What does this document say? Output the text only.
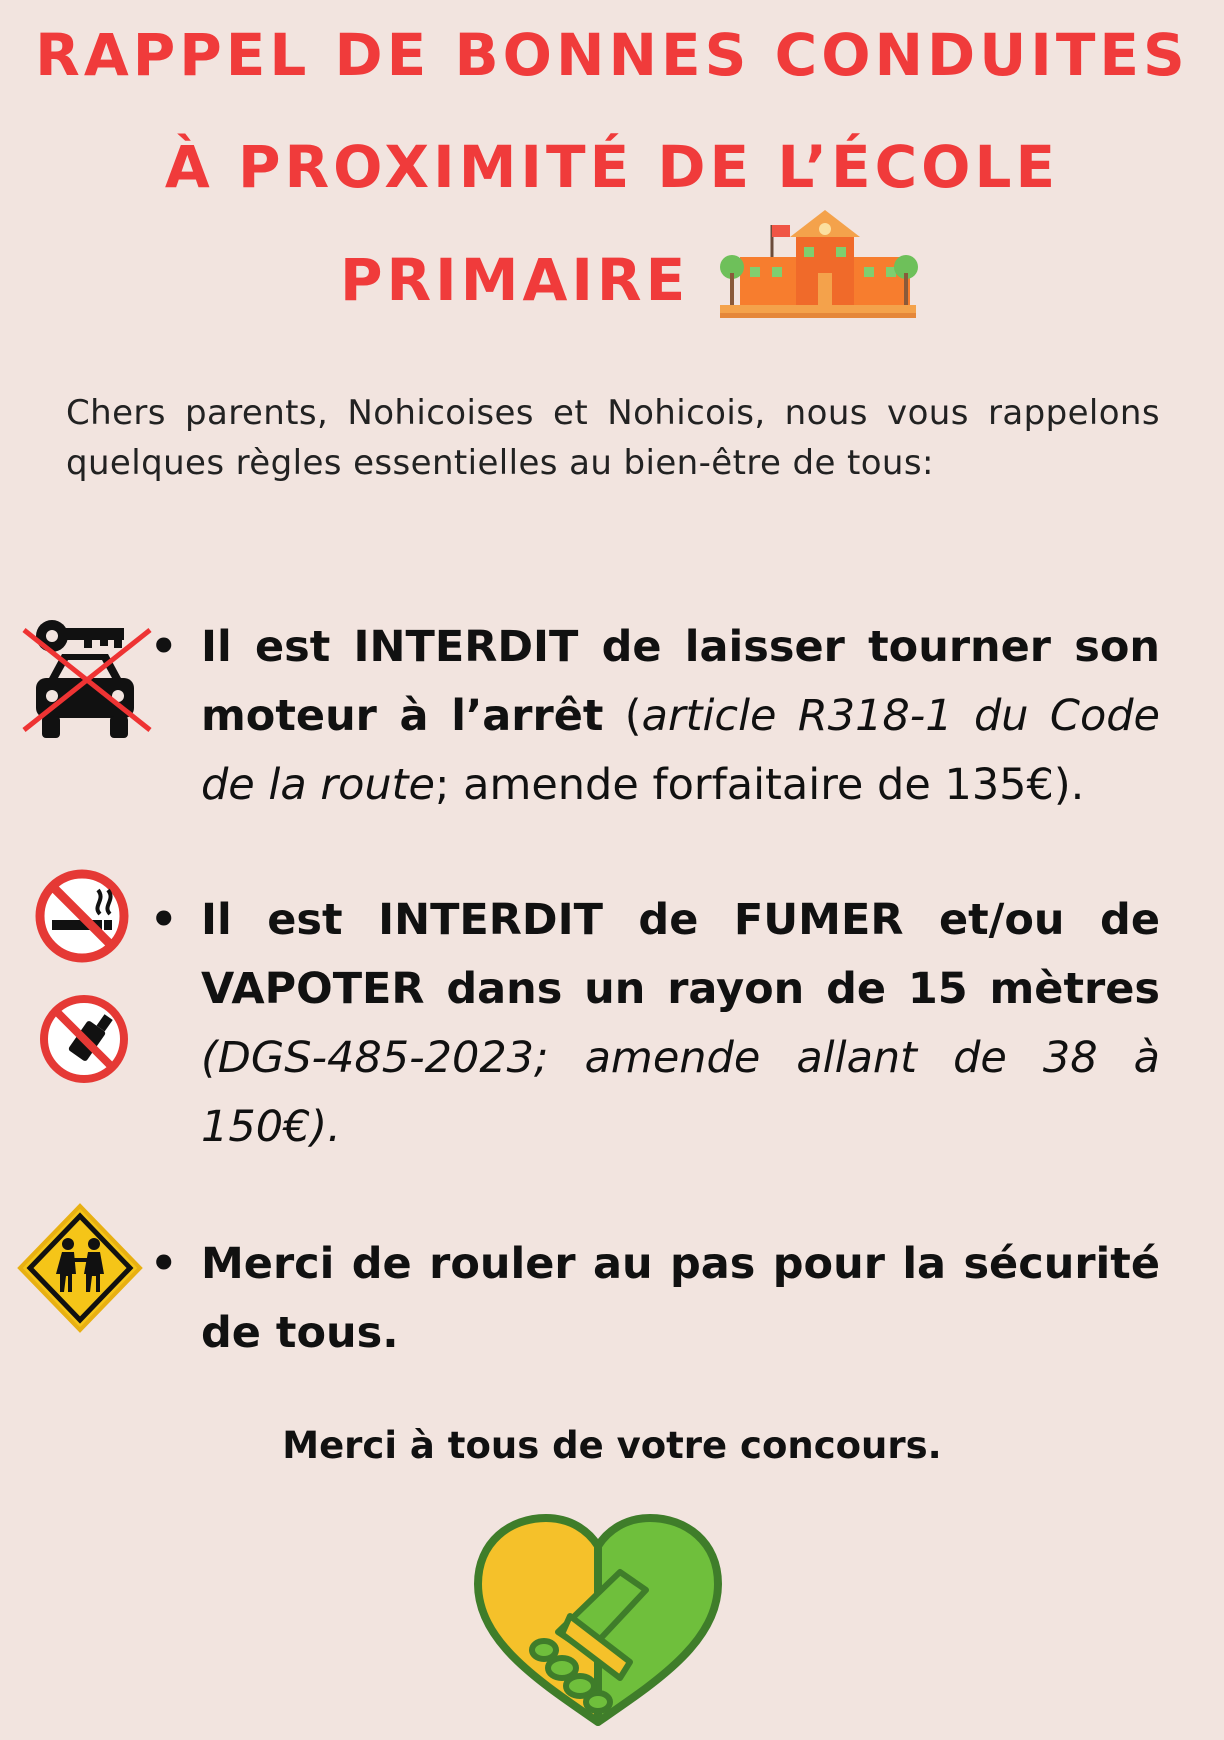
RAPPEL DE BONNES CONDUITES
À PROXIMITÉ DE L’ÉCOLE
PRIMAIRE

Chers parents, Nohicoises et Nohicois, nous vous rappelons quelques règles essentielles au bien-être de tous:

• Il est INTERDIT de laisser tourner son moteur à l’arrêt (article R318-1 du Code de la route; amende forfaitaire de 135€).

• Il est INTERDIT de FUMER et/ou de VAPOTER dans un rayon de 15 mètres (DGS-485-2023; amende allant de 38 à 150€).

• Merci de rouler au pas pour la sécurité de tous.

Merci à tous de votre concours.
